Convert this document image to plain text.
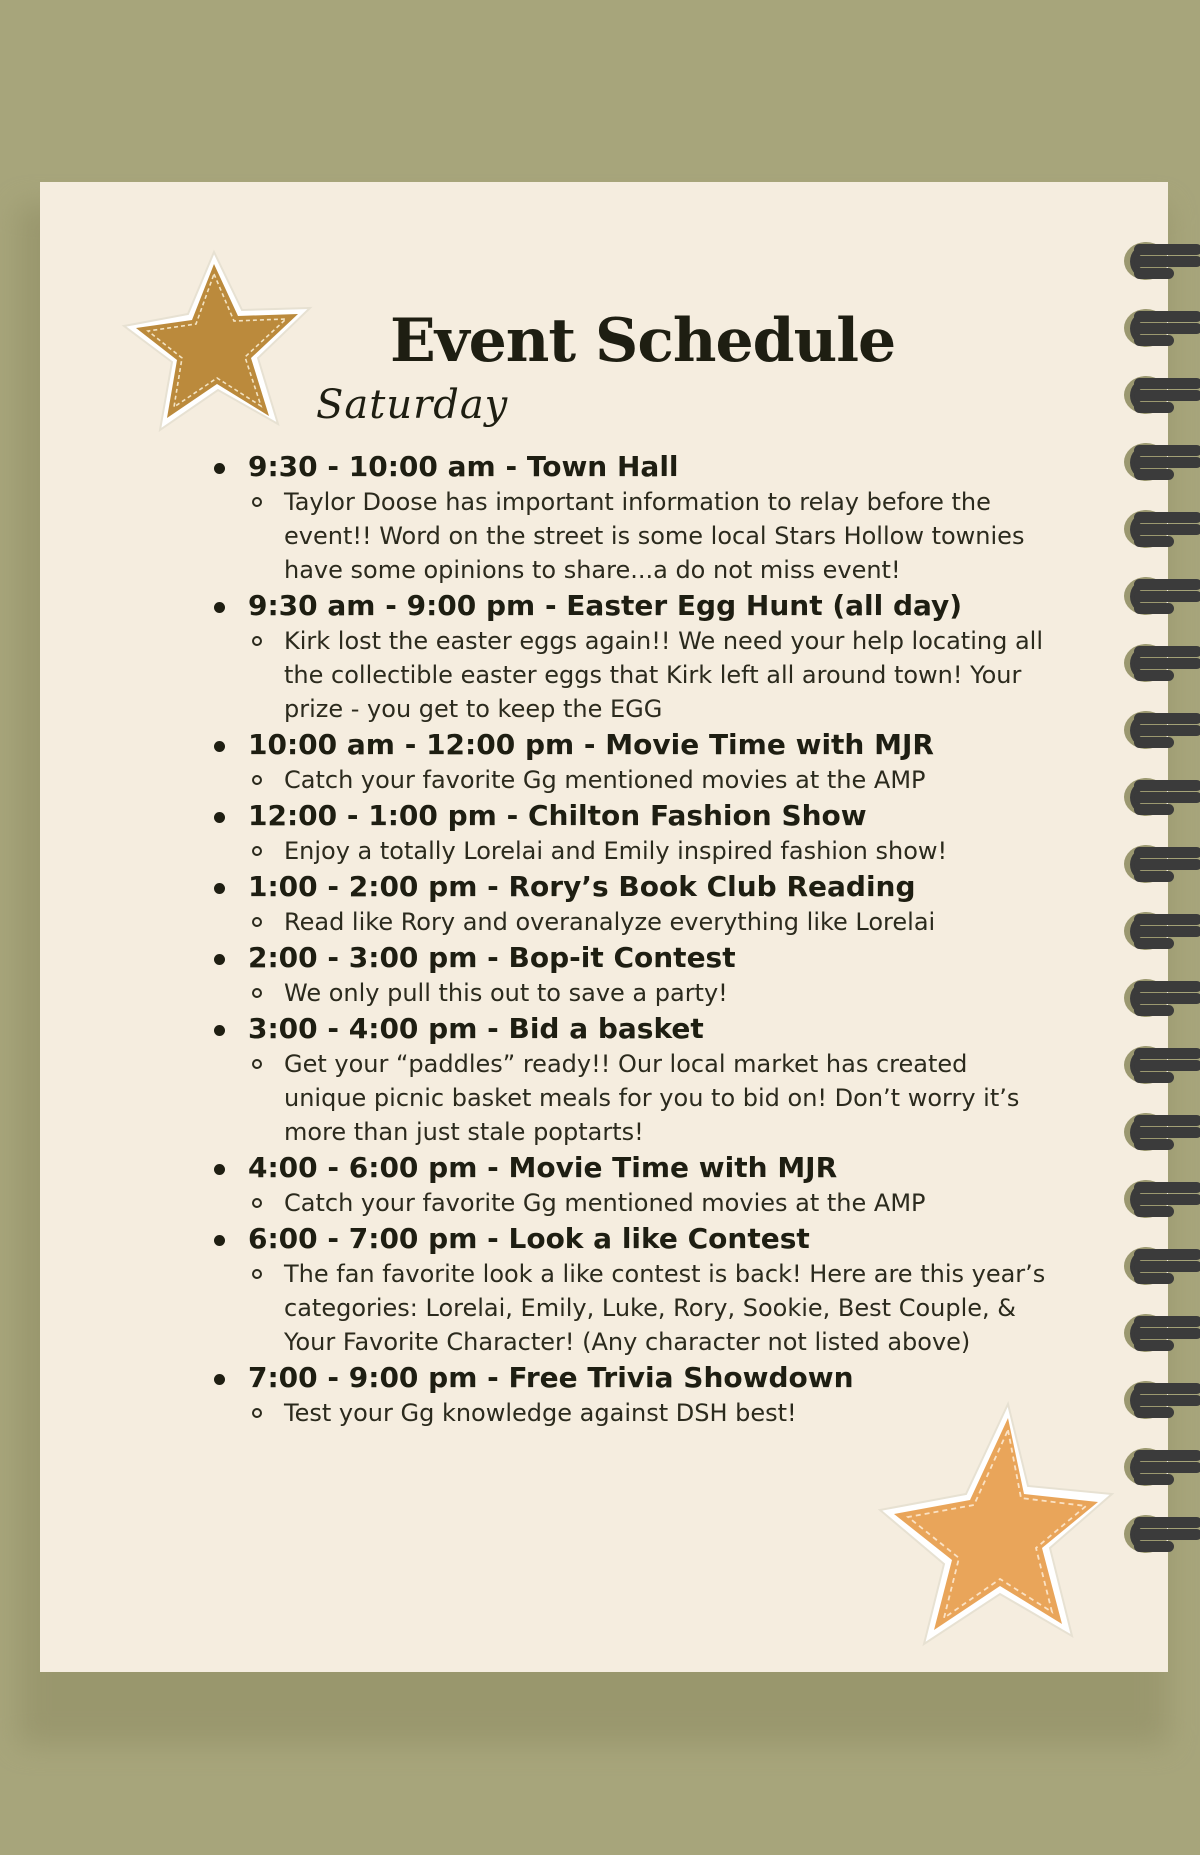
Event Schedule
Saturday
9:30 - 10:00 am - Town Hall
Taylor Doose has important information to relay before the event!! Word on the street is some local Stars Hollow townies have some opinions to share...a do not miss event!
9:30 am - 9:00 pm - Easter Egg Hunt (all day)
Kirk lost the easter eggs again!! We need your help locating all the collectible easter eggs that Kirk left all around town! Your prize - you get to keep the EGG
10:00 am - 12:00 pm - Movie Time with MJR
Catch your favorite Gg mentioned movies at the AMP
12:00 - 1:00 pm - Chilton Fashion Show
Enjoy a totally Lorelai and Emily inspired fashion show!
1:00 - 2:00 pm - Rory’s Book Club Reading
Read like Rory and overanalyze everything like Lorelai
2:00 - 3:00 pm - Bop-it Contest
We only pull this out to save a party!
3:00 - 4:00 pm - Bid a basket
Get your “paddles” ready!! Our local market has created unique picnic basket meals for you to bid on! Don’t worry it’s more than just stale poptarts!
4:00 - 6:00 pm - Movie Time with MJR
Catch your favorite Gg mentioned movies at the AMP
6:00 - 7:00 pm - Look a like Contest
The fan favorite look a like contest is back! Here are this year’s categories: Lorelai, Emily, Luke, Rory, Sookie, Best Couple, & Your Favorite Character! (Any character not listed above)
7:00 - 9:00 pm - Free Trivia Showdown
Test your Gg knowledge against DSH best!
